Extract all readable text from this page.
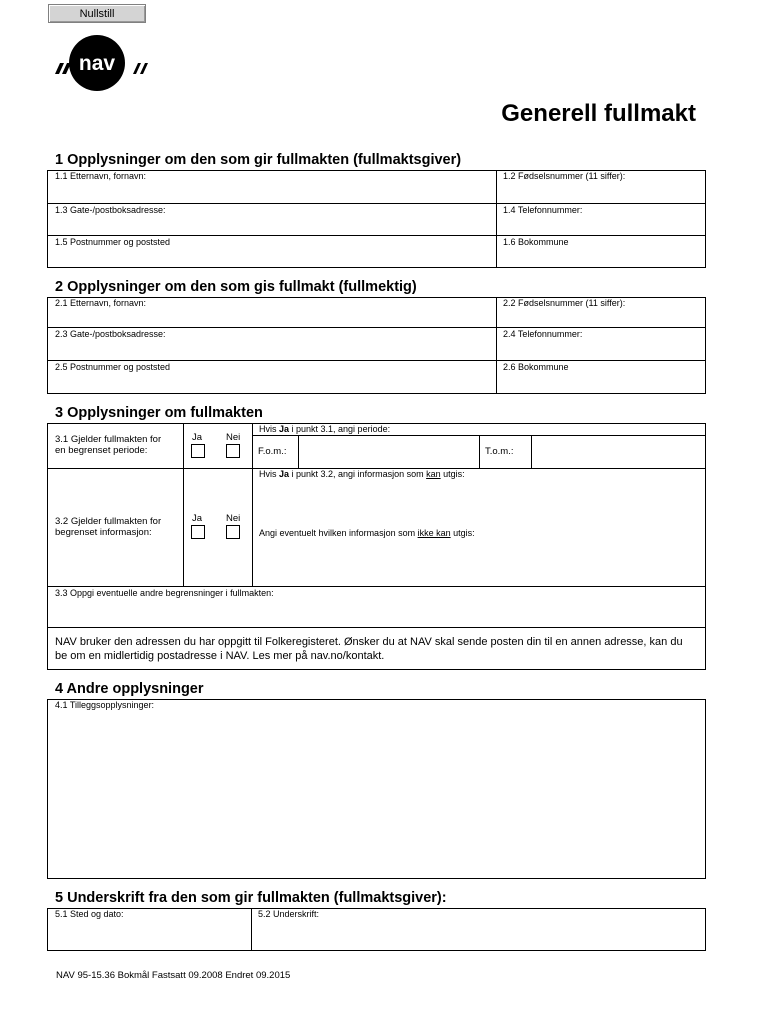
Nullstill
nav
Generell fullmakt
1 Opplysninger om den som gir fullmakten (fullmaktsgiver)
1.1 Etternavn, fornavn:	1.2 Fødselsnummer (11 siffer):
1.3 Gate-/postboksadresse:	1.4 Telefonnummer:
1.5 Postnummer og poststed	1.6 Bokommune
2 Opplysninger om den som gis fullmakt (fullmektig)
2.1 Etternavn, fornavn:	2.2 Fødselsnummer (11 siffer):
2.3 Gate-/postboksadresse:	2.4 Telefonnummer:
2.5 Postnummer og poststed	2.6 Bokommune
3 Opplysninger om fullmakten
3.1 Gjelder fullmakten for
en begrenset periode:
Ja	Nei
Hvis Ja i punkt 3.1, angi periode:
F.o.m.:	T.o.m.:
3.2 Gjelder fullmakten for
begrenset informasjon:
Ja	Nei
Hvis Ja i punkt 3.2, angi informasjon som kan utgis:
Angi eventuelt hvilken informasjon som ikke kan utgis:
3.3 Oppgi eventuelle andre begrensninger i fullmakten:
NAV bruker den adressen du har oppgitt til Folkeregisteret. Ønsker du at NAV skal sende posten din til en annen adresse, kan du be om en midlertidig postadresse i NAV. Les mer på nav.no/kontakt.
4 Andre opplysninger
4.1 Tilleggsopplysninger:
5 Underskrift fra den som gir fullmakten (fullmaktsgiver):
5.1 Sted og dato:	5.2 Underskrift:
NAV 95-15.36 Bokmål Fastsatt 09.2008 Endret 09.2015
